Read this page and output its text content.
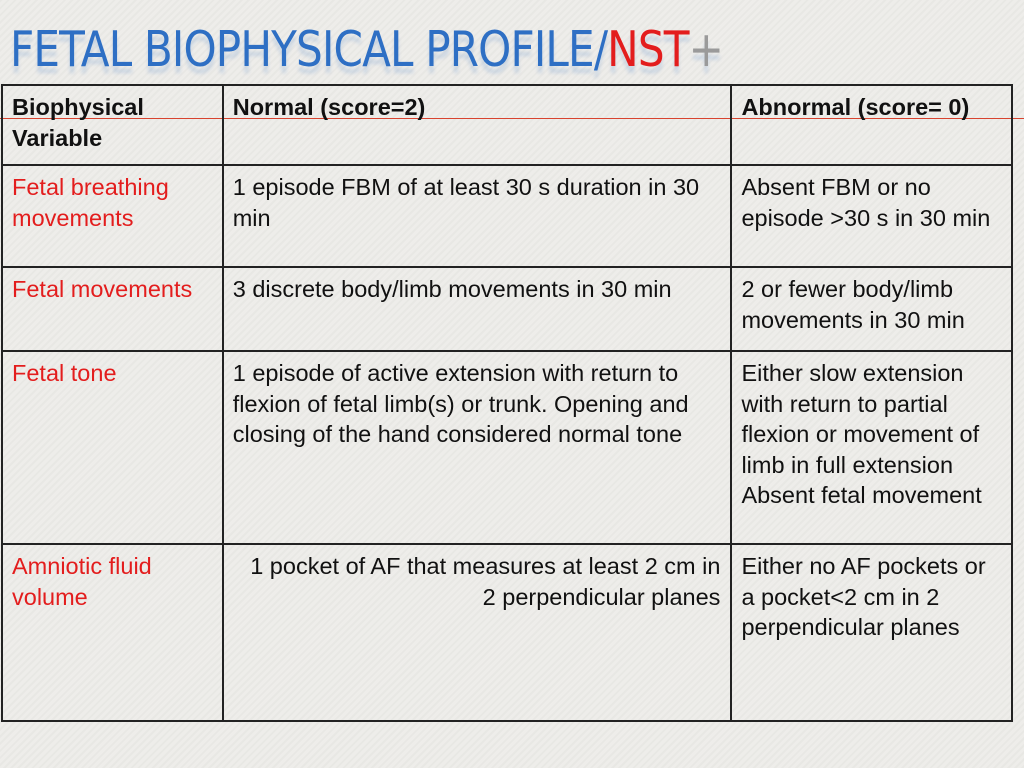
FETAL BIOPHYSICAL PROFILE/NST+
Biophysical Variable	Normal (score=2)	Abnormal (score= 0)
Fetal breathing movements	1 episode FBM of at least 30 s duration in 30 min	Absent FBM or no episode >30 s in 30 min
Fetal movements	3 discrete body/limb movements in 30 min	2 or fewer body/limb movements in 30 min
Fetal tone	1 episode of active extension with return to flexion of fetal limb(s) or trunk. Opening and closing of the hand considered normal tone	Either slow extension with return to partial flexion or movement of limb in full extension Absent fetal movement
Amniotic fluid volume	1 pocket of AF that measures at least 2 cm in 2 perpendicular planes	Either no AF pockets or a pocket<2 cm in 2 perpendicular planes
